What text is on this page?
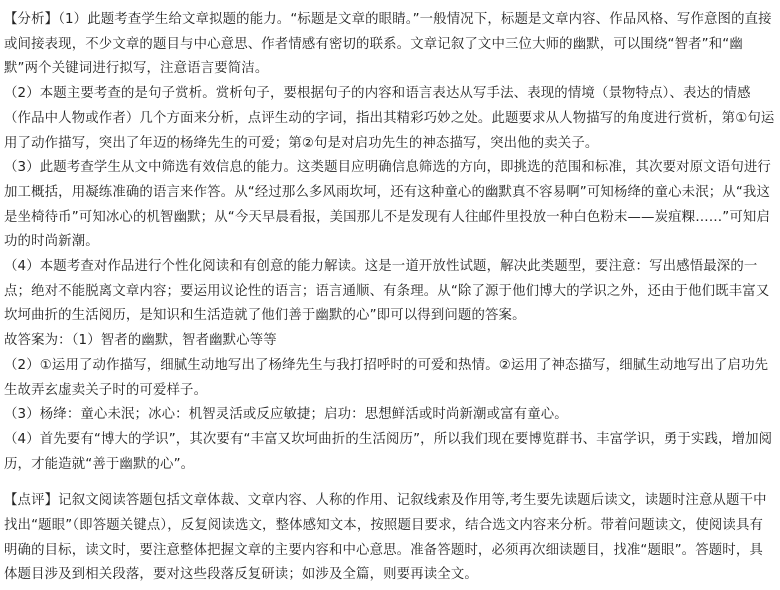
【分析】（1）此题考查学生给文章拟题的能力。“标题是文章的眼睛。”一般情况下，标题是文章内容、作品风格、写作意图的直接或间接表现，不少文章的题目与中心意思、作者情感有密切的联系。文章记叙了文中三位大师的幽默，可以围绕“智者”和“幽默”两个关键词进行拟写，注意语言要简洁。

（2）本题主要考查的是句子赏析。赏析句子，要根据句子的内容和语言表达从写手法、表现的情境（景物特点）、表达的情感（作品中人物或作者）几个方面来分析，点评生动的字词，指出其精彩巧妙之处。此题要求从人物描写的角度进行赏析，第①句运用了动作描写，突出了年迈的杨绛先生的可爱；第②句是对启功先生的神态描写，突出他的卖关子。

（3）此题考查学生从文中筛选有效信息的能力。这类题目应明确信息筛选的方向，即挑选的范围和标准，其次要对原文语句进行加工概括，用凝练准确的语言来作答。从“经过那么多风雨坎坷，还有这种童心的幽默真不容易啊”可知杨绛的童心未泯；从“我这是坐椅待币”可知冰心的机智幽默；从“今天早晨看报，美国那儿不是发现有人往邮件里投放一种白色粉末——炭疽粿……”可知启功的时尚新潮。

（4）本题考查对作品进行个性化阅读和有创意的能力解读。这是一道开放性试题，解决此类题型，要注意：写出感悟最深的一点；绝对不能脱离文章内容；要运用议论性的语言；语言通顺、有条理。从“除了源于他们博大的学识之外，还由于他们既丰富又坎坷曲折的生活阅历，是知识和生活造就了他们善于幽默的心”即可以得到问题的答案。

故答案为：（1）智者的幽默，智者幽默心等等

（2）①运用了动作描写，细腻生动地写出了杨绛先生与我打招呼时的可爱和热情。②运用了神态描写，细腻生动地写出了启功先生故弄玄虚卖关子时的可爱样子。

（3）杨绛：童心未泯；冰心：机智灵活或反应敏捷；启功：思想鲜活或时尚新潮或富有童心。

（4）首先要有“博大的学识”，其次要有“丰富又坎坷曲折的生活阅历”，所以我们现在要博览群书、丰富学识，勇于实践，增加阅历，才能造就“善于幽默的心”。

【点评】记叙文阅读答题包括文章体裁、文章内容、人称的作用、记叙线索及作用等,考生要先读题后读文，读题时注意从题干中找出“题眼”（即答题关键点），反复阅读选文，整体感知文本，按照题目要求，结合选文内容来分析。带着问题读文，使阅读具有明确的目标，读文时，要注意整体把握文章的主要内容和中心意思。准备答题时，必须再次细读题目，找准“题眼”。答题时，具体题目涉及到相关段落，要对这些段落反复研读；如涉及全篇，则要再读全文。
